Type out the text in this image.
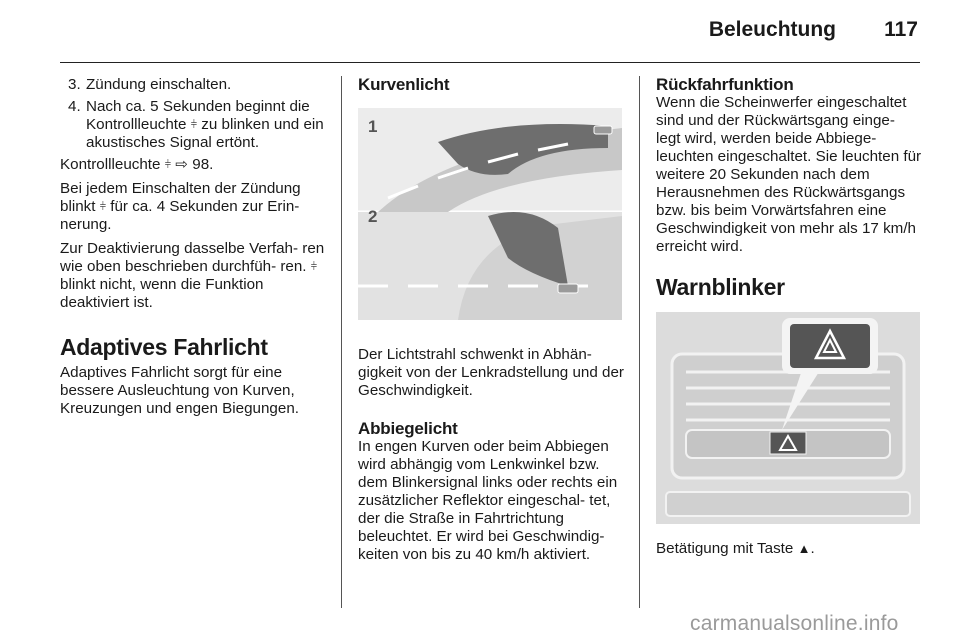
Beleuchtung 117
3. Zündung einschalten.
4. Nach ca. 5 Sekunden beginnt die Kontrollleuchte ⫩ zu blinken und ein akustisches Signal ertönt.

Kontrollleuchte ⫩ ⇨ 98.

Bei jedem Einschalten der Zündung blinkt ⫩ für ca. 4 Sekunden zur Erin- nerung.

Zur Deaktivierung dasselbe Verfah- ren wie oben beschrieben durchfüh- ren. ⫩ blinkt nicht, wenn die Funktion deaktiviert ist.

Adaptives Fahrlicht

Adaptives Fahrlicht sorgt für eine bessere Ausleuchtung von Kurven, Kreuzungen und engen Biegungen.

Kurvenlicht
1
2

Der Lichtstrahl schwenkt in Abhän- gigkeit von der Lenkradstellung und der Geschwindigkeit.

Abbiegelicht

In engen Kurven oder beim Abbiegen wird abhängig vom Lenkwinkel bzw. dem Blinkersignal links oder rechts ein zusätzlicher Reflektor eingeschal- tet, der die Straße in Fahrtrichtung beleuchtet. Er wird bei Geschwindig- keiten von bis zu 40 km/h aktiviert.

Rückfahrfunktion

Wenn die Scheinwerfer eingeschaltet sind und der Rückwärtsgang einge- legt wird, werden beide Abbiege- leuchten eingeschaltet. Sie leuchten für weitere 20 Sekunden nach dem Herausnehmen des Rückwärtsgangs bzw. bis beim Vorwärtsfahren eine Geschwindigkeit von mehr als 17 km/h erreicht wird.

Warnblinker

Betätigung mit Taste ▲.

carmanualsonline.info
